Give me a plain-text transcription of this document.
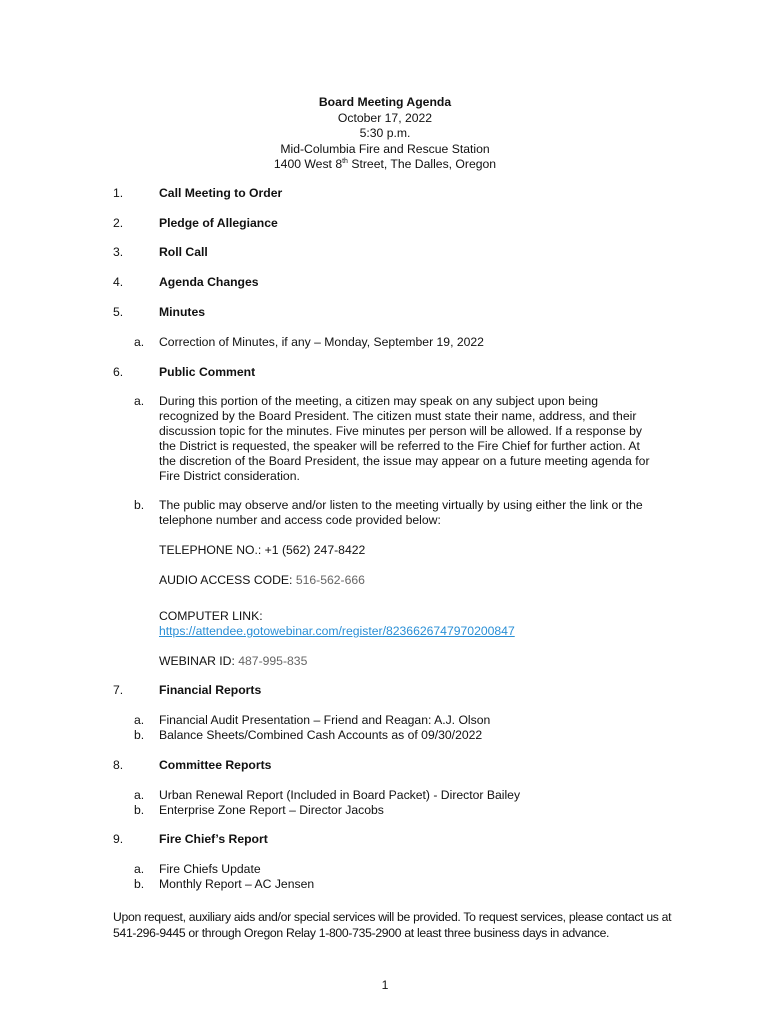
Board Meeting Agenda
October 17, 2022
5:30 p.m.
Mid-Columbia Fire and Rescue Station
1400 West 8th Street, The Dalles, Oregon
1.	Call Meeting to Order
2.	Pledge of Allegiance
3.	Roll Call
4.	Agenda Changes
5.	Minutes
a. Correction of Minutes, if any – Monday, September 19, 2022
6.	Public Comment
a. During this portion of the meeting, a citizen may speak on any subject upon being recognized by the Board President. The citizen must state their name, address, and their discussion topic for the minutes. Five minutes per person will be allowed. If a response by the District is requested, the speaker will be referred to the Fire Chief for further action. At the discretion of the Board President, the issue may appear on a future meeting agenda for Fire District consideration.
b. The public may observe and/or listen to the meeting virtually by using either the link or the telephone number and access code provided below:
TELEPHONE NO.: +1 (562) 247-8422
AUDIO ACCESS CODE: 516-562-666
COMPUTER LINK:
https://attendee.gotowebinar.com/register/8236626747970200847
WEBINAR ID: 487-995-835
7.	Financial Reports
a. Financial Audit Presentation – Friend and Reagan: A.J. Olson
b. Balance Sheets/Combined Cash Accounts as of 09/30/2022
8.	Committee Reports
a. Urban Renewal Report (Included in Board Packet) - Director Bailey
b. Enterprise Zone Report – Director Jacobs
9.	Fire Chief’s Report
a. Fire Chiefs Update
b. Monthly Report – AC Jensen
Upon request, auxiliary aids and/or special services will be provided. To request services, please contact us at 541-296-9445 or through Oregon Relay 1-800-735-2900 at least three business days in advance.
1
